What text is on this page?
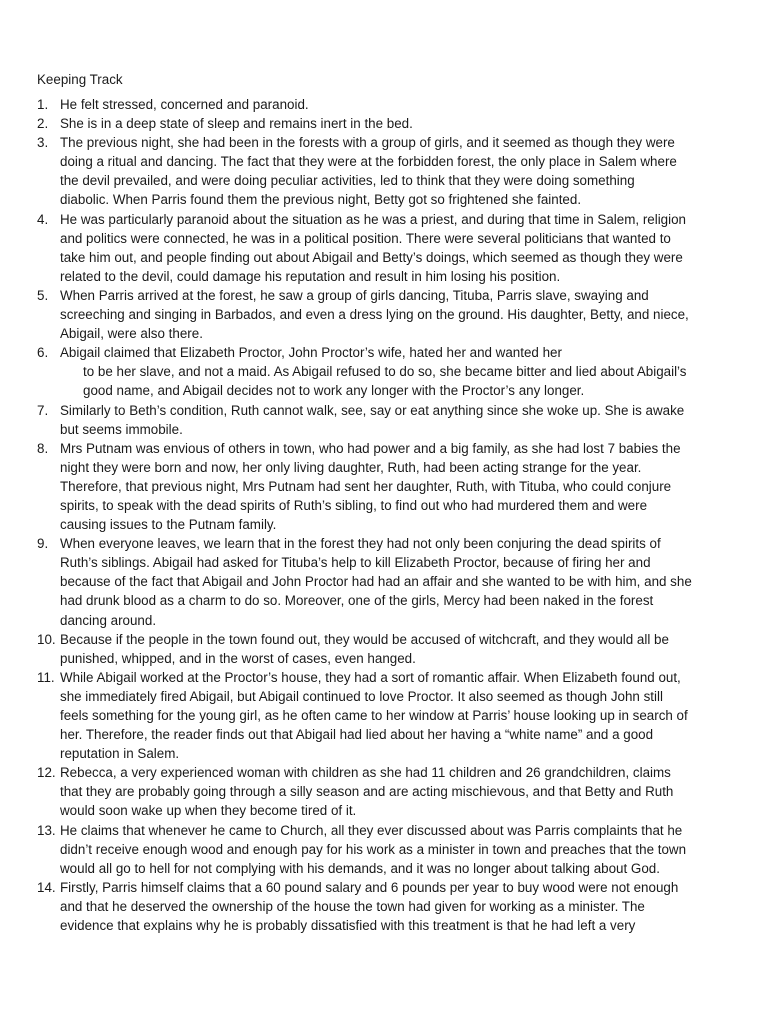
Keeping Track
1. He felt stressed, concerned and paranoid.
2. She is in a deep state of sleep and remains inert in the bed.
3. The previous night, she had been in the forests with a group of girls, and it seemed as though they were
doing a ritual and dancing. The fact that they were at the forbidden forest, the only place in Salem where
the devil prevailed, and were doing peculiar activities, led to think that they were doing something
diabolic. When Parris found them the previous night, Betty got so frightened she fainted.
4. He was particularly paranoid about the situation as he was a priest, and during that time in Salem, religion
and politics were connected, he was in a political position. There were several politicians that wanted to
take him out, and people finding out about Abigail and Betty’s doings, which seemed as though they were
related to the devil, could damage his reputation and result in him losing his position.
5. When Parris arrived at the forest, he saw a group of girls dancing, Tituba, Parris slave, swaying and
screeching and singing in Barbados, and even a dress lying on the ground. His daughter, Betty, and niece,
Abigail, were also there.
6. Abigail claimed that Elizabeth Proctor, John Proctor’s wife, hated her and wanted her
to be her slave, and not a maid. As Abigail refused to do so, she became bitter and lied about Abigail’s
good name, and Abigail decides not to work any longer with the Proctor’s any longer.
7. Similarly to Beth’s condition, Ruth cannot walk, see, say or eat anything since she woke up. She is awake
but seems immobile.
8. Mrs Putnam was envious of others in town, who had power and a big family, as she had lost 7 babies the
night they were born and now, her only living daughter, Ruth, had been acting strange for the year.
Therefore, that previous night, Mrs Putnam had sent her daughter, Ruth, with Tituba, who could conjure
spirits, to speak with the dead spirits of Ruth’s sibling, to find out who had murdered them and were
causing issues to the Putnam family.
9. When everyone leaves, we learn that in the forest they had not only been conjuring the dead spirits of
Ruth’s siblings. Abigail had asked for Tituba’s help to kill Elizabeth Proctor, because of firing her and
because of the fact that Abigail and John Proctor had had an affair and she wanted to be with him, and she
had drunk blood as a charm to do so. Moreover, one of the girls, Mercy had been naked in the forest
dancing around.
10. Because if the people in the town found out, they would be accused of witchcraft, and they would all be
punished, whipped, and in the worst of cases, even hanged.
11. While Abigail worked at the Proctor’s house, they had a sort of romantic affair. When Elizabeth found out,
she immediately fired Abigail, but Abigail continued to love Proctor. It also seemed as though John still
feels something for the young girl, as he often came to her window at Parris’ house looking up in search of
her. Therefore, the reader finds out that Abigail had lied about her having a “white name” and a good
reputation in Salem.
12. Rebecca, a very experienced woman with children as she had 11 children and 26 grandchildren, claims
that they are probably going through a silly season and are acting mischievous, and that Betty and Ruth
would soon wake up when they become tired of it.
13. He claims that whenever he came to Church, all they ever discussed about was Parris complaints that he
didn’t receive enough wood and enough pay for his work as a minister in town and preaches that the town
would all go to hell for not complying with his demands, and it was no longer about talking about God.
14. Firstly, Parris himself claims that a 60 pound salary and 6 pounds per year to buy wood were not enough
and that he deserved the ownership of the house the town had given for working as a minister. The
evidence that explains why he is probably dissatisfied with this treatment is that he had left a very
